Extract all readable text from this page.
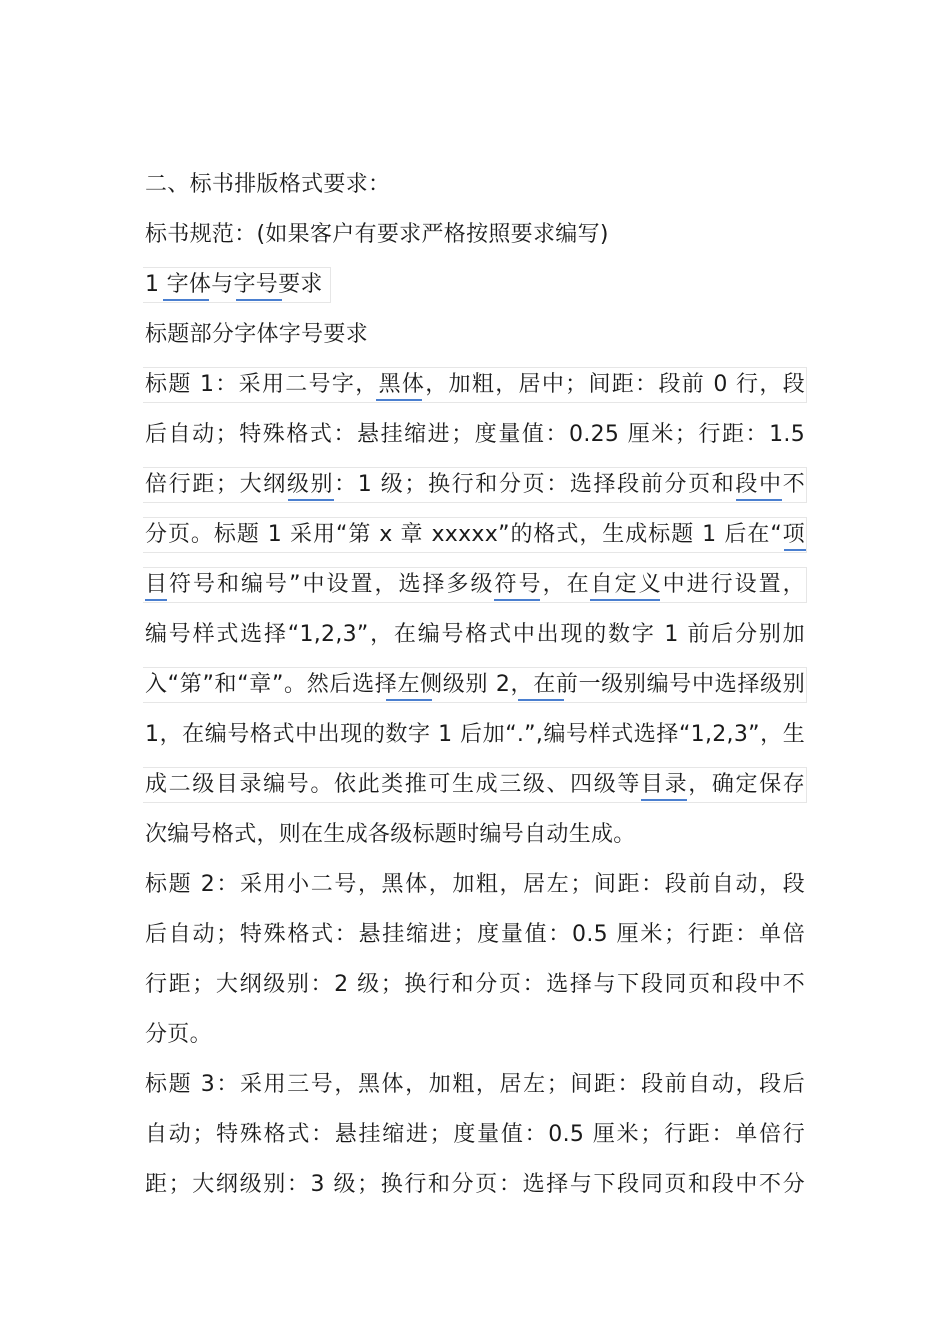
二、标书排版格式要求：
标书规范：(如果客户有要求严格按照要求编写)
1 字体与字号要求
标题部分字体字号要求
标题 1：采用二号字，黑体，加粗，居中；间距：段前 0 行，段
后自动；特殊格式：悬挂缩进；度量值：0.25 厘米；行距：1.5
倍行距；大纲级别：1 级；换行和分页：选择段前分页和段中不
分页。标题 1 采用“第 x 章 xxxxx”的格式，生成标题 1 后在“项
目符号和编号”中设置，选择多级符号，在自定义中进行设置，
编号样式选择“1,2,3”，在编号格式中出现的数字 1 前后分别加
入“第”和“章”。然后选择左侧级别 2，在前一级别编号中选择级别
1，在编号格式中出现的数字 1 后加“.”,编号样式选择“1,2,3”，生
成二级目录编号。依此类推可生成三级、四级等目录，确定保存
次编号格式，则在生成各级标题时编号自动生成。
标题 2：采用小二号，黑体，加粗，居左；间距：段前自动，段
后自动；特殊格式：悬挂缩进；度量值：0.5 厘米；行距：单倍
行距；大纲级别：2 级；换行和分页：选择与下段同页和段中不
分页。
标题 3：采用三号，黑体，加粗，居左；间距：段前自动，段后
自动；特殊格式：悬挂缩进；度量值：0.5 厘米；行距：单倍行
距；大纲级别：3 级；换行和分页：选择与下段同页和段中不分
